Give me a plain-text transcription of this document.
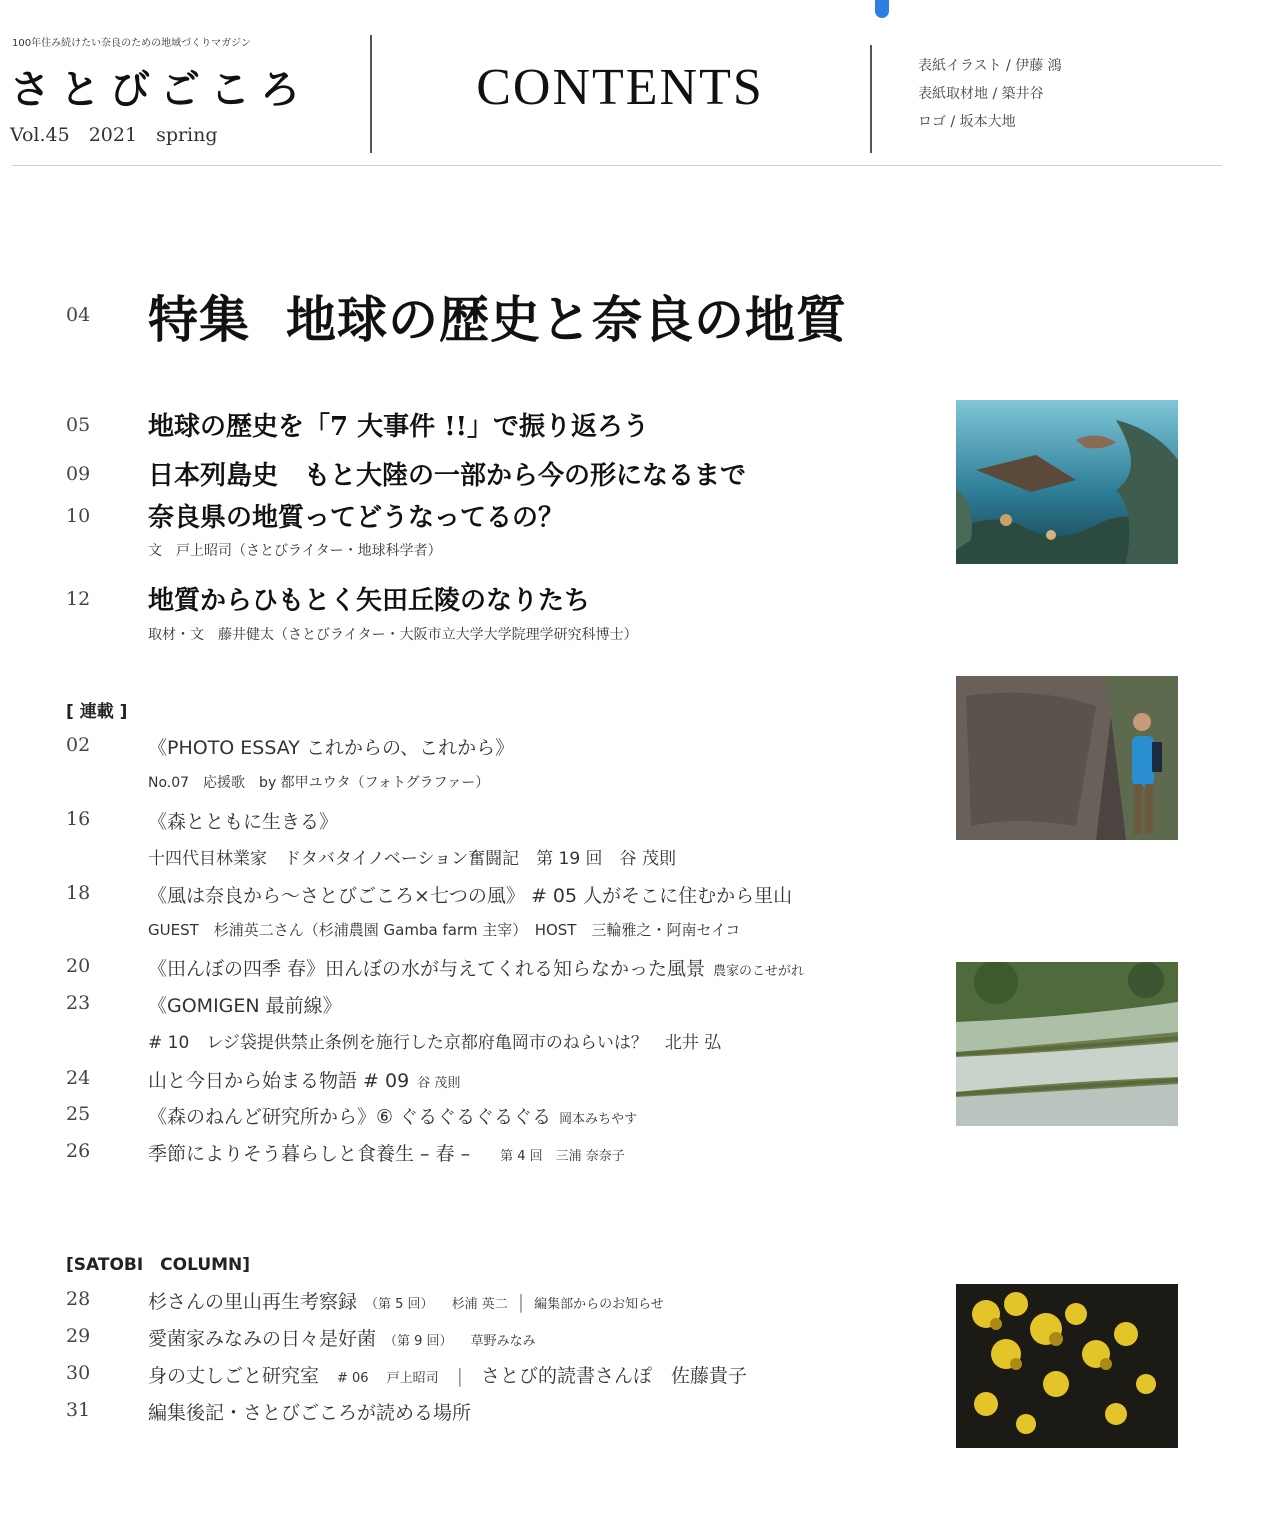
100年住み続けたい奈良のための地域づくりマガジン
さとびごころ
Vol.45　2021　spring
CONTENTS	表紙イラスト / 伊藤 鴻
表紙取材地 / 築井谷
ロゴ / 坂本大地
04 特集 地球の歴史と奈良の地質
05 地球の歴史を「7 大事件 !!」で振り返ろう
09 日本列島史　もと大陸の一部から今の形になるまで
10 奈良県の地質ってどうなってるの？
文　戸上昭司（さとびライター・地球科学者）
12 地質からひもとく矢田丘陵のなりたち
取材・文　藤井健太（さとびライター・大阪市立大学大学院理学研究科博士）
[ 連載 ]
02	《PHOTO ESSAY これからの、これから》
No.07　応援歌　by 都甲ユウタ（フォトグラファー）
16	《森とともに生きる》
十四代目林業家　ドタバタイノベーション奮闘記　第 19 回　谷 茂則
18	《風は奈良から～さとびごころ×七つの風》 # 05 人がそこに住むから里山
GUEST　杉浦英二さん（杉浦農園 Gamba farm 主宰）　HOST　三輪雅之・阿南セイコ
20	《田んぼの四季 春》田んぼの水が与えてくれる知らなかった風景 農家のこせがれ
23	《GOMIGEN 最前線》
# 10　レジ袋提供禁止条例を施行した京都府亀岡市のねらいは？　北井 弘
24	山と今日から始まる物語 # 09 谷 茂則
25	《森のねんど研究所から》⑥ ぐるぐるぐるぐる 岡本みちやす
26	季節によりそう暮らしと食養生 – 春 – 第 4 回　三浦 奈奈子
[SATOBI　COLUMN]
28	杉さんの里山再生考察録 （第 5 回） 杉浦 英二 | 編集部からのお知らせ
29	愛菌家みなみの日々是好菌 （第 9 回） 草野みなみ
30	身の丈しごと研究室 # 06 戸上昭司 | さとび的読書さんぽ　佐藤貴子
31	編集後記・さとびごころが読める場所
